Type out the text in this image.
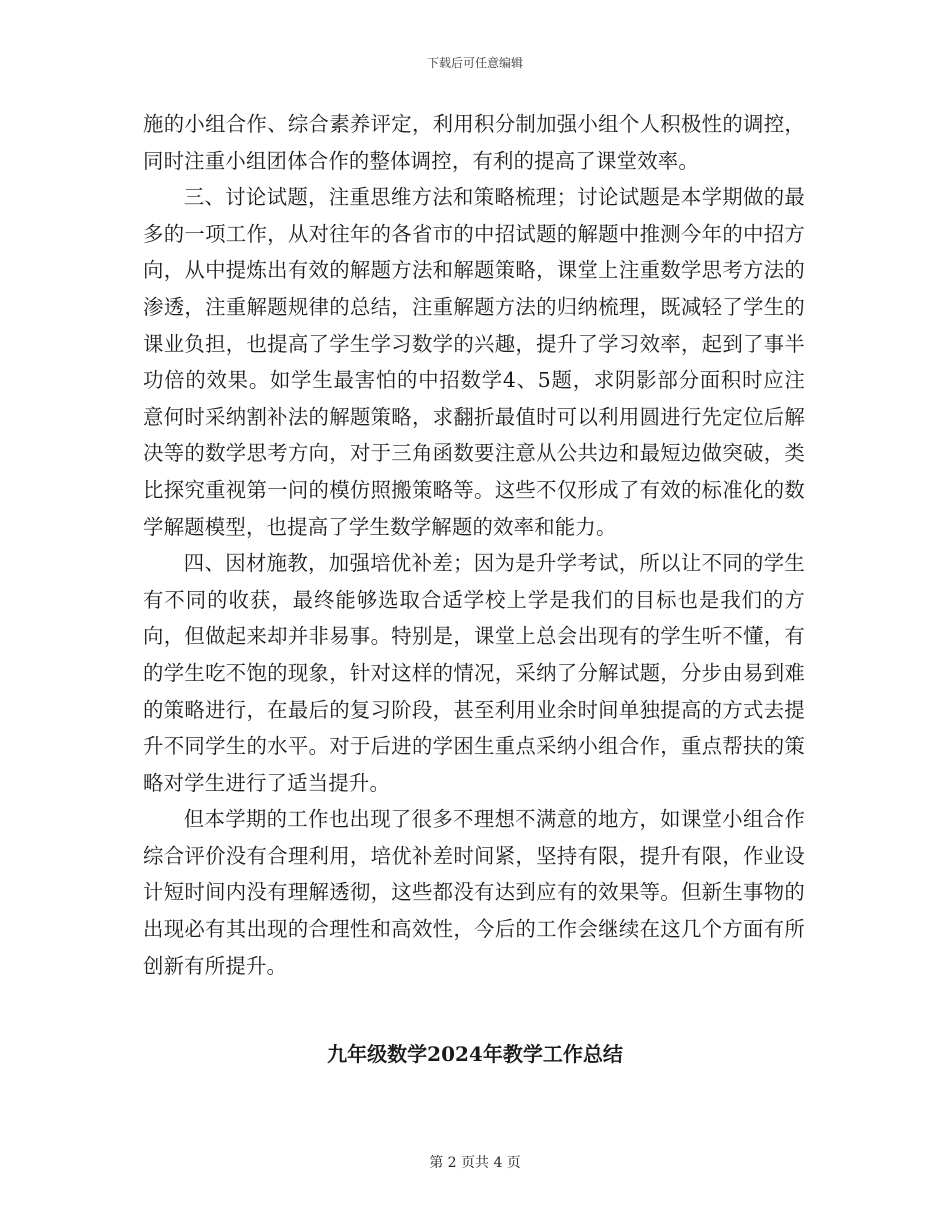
下载后可任意编辑

施的小组合作、综合素养评定，利用积分制加强小组个人积极性的调控，同时注重小组团体合作的整体调控，有利的提高了课堂效率。

三、讨论试题，注重思维方法和策略梳理；讨论试题是本学期做的最多的一项工作，从对往年的各省市的中招试题的解题中推测今年的中招方向，从中提炼出有效的解题方法和解题策略，课堂上注重数学思考方法的渗透，注重解题规律的总结，注重解题方法的归纳梳理，既减轻了学生的课业负担，也提高了学生学习数学的兴趣，提升了学习效率，起到了事半功倍的效果。如学生最害怕的中招数学4、5题，求阴影部分面积时应注意何时采纳割补法的解题策略，求翻折最值时可以利用圆进行先定位后解决等的数学思考方向，对于三角函数要注意从公共边和最短边做突破，类比探究重视第一问的模仿照搬策略等。这些不仅形成了有效的标准化的数学解题模型，也提高了学生数学解题的效率和能力。

四、因材施教，加强培优补差；因为是升学考试，所以让不同的学生有不同的收获，最终能够选取合适学校上学是我们的目标也是我们的方向，但做起来却并非易事。特别是，课堂上总会出现有的学生听不懂，有的学生吃不饱的现象，针对这样的情况，采纳了分解试题，分步由易到难的策略进行，在最后的复习阶段，甚至利用业余时间单独提高的方式去提升不同学生的水平。对于后进的学困生重点采纳小组合作，重点帮扶的策略对学生进行了适当提升。

但本学期的工作也出现了很多不理想不满意的地方，如课堂小组合作综合评价没有合理利用，培优补差时间紧，坚持有限，提升有限，作业设计短时间内没有理解透彻，这些都没有达到应有的效果等。但新生事物的出现必有其出现的合理性和高效性，今后的工作会继续在这几个方面有所创新有所提升。

九年级数学2024年教学工作总结
第 2 页共 4 页
